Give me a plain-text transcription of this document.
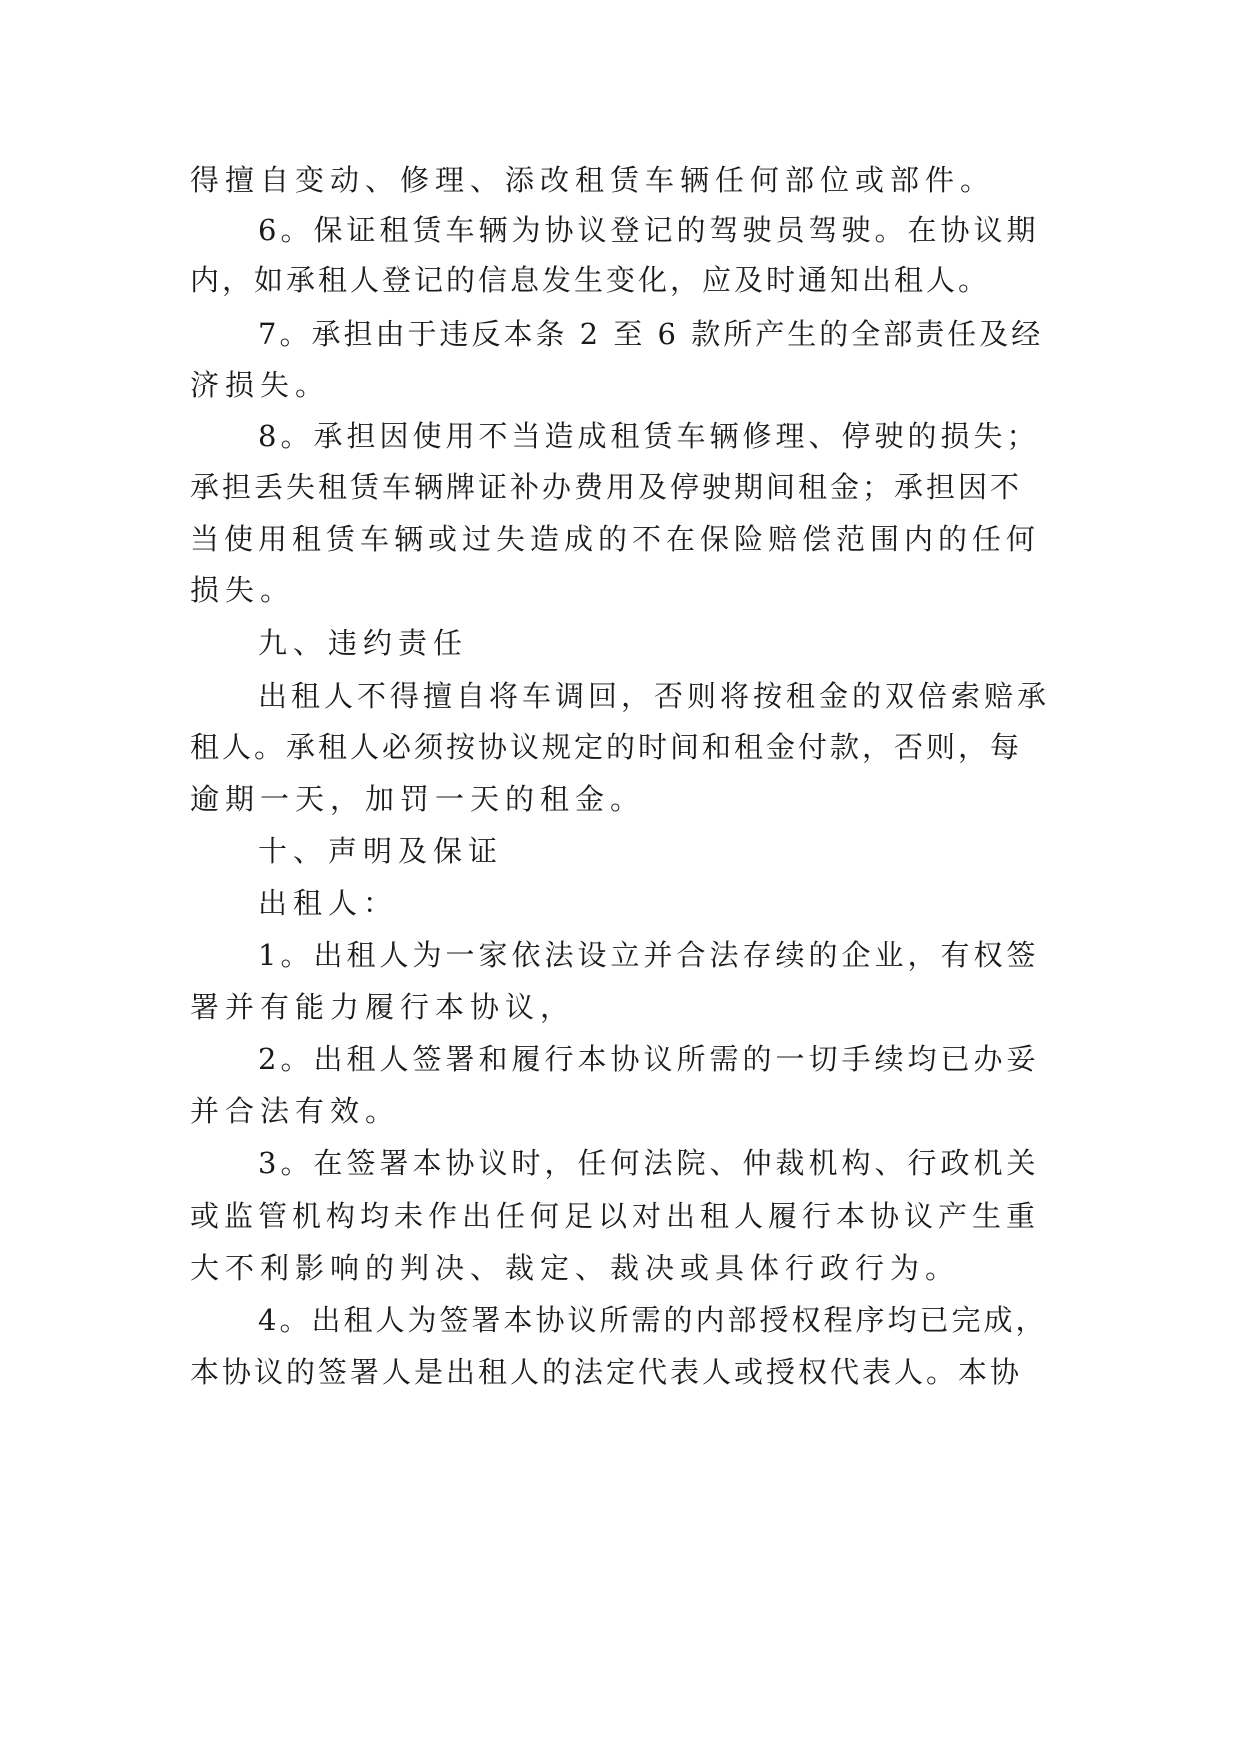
得擅自变动、修理、添改租赁车辆任何部位或部件。
6。保证租赁车辆为协议登记的驾驶员驾驶。在协议期
内，如承租人登记的信息发生变化，应及时通知出租人。
7。承担由于违反本条 2 至 6 款所产生的全部责任及经
济损失。
8。承担因使用不当造成租赁车辆修理、停驶的损失；
承担丢失租赁车辆牌证补办费用及停驶期间租金；承担因不
当使用租赁车辆或过失造成的不在保险赔偿范围内的任何
损失。
九、违约责任
出租人不得擅自将车调回，否则将按租金的双倍索赔承
租人。承租人必须按协议规定的时间和租金付款，否则，每
逾期一天，加罚一天的租金。
十、声明及保证
出租人：
1。出租人为一家依法设立并合法存续的企业，有权签
署并有能力履行本协议，
2。出租人签署和履行本协议所需的一切手续均已办妥
并合法有效。
3。在签署本协议时，任何法院、仲裁机构、行政机关
或监管机构均未作出任何足以对出租人履行本协议产生重
大不利影响的判决、裁定、裁决或具体行政行为。
4。出租人为签署本协议所需的内部授权程序均已完成，
本协议的签署人是出租人的法定代表人或授权代表人。本协
